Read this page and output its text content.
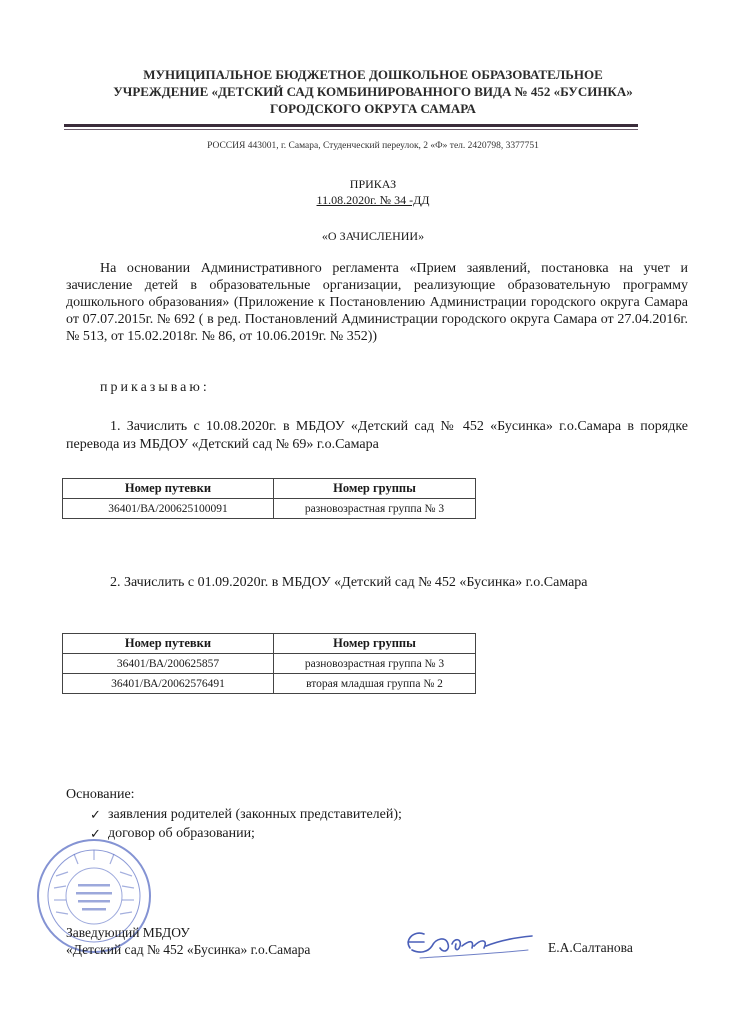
МУНИЦИПАЛЬНОЕ БЮДЖЕТНОЕ ДОШКОЛЬНОЕ ОБРАЗОВАТЕЛЬНОЕ
УЧРЕЖДЕНИЕ «ДЕТСКИЙ САД КОМБИНИРОВАННОГО ВИДА № 452 «БУСИНКА»
ГОРОДСКОГО ОКРУГА САМАРА
РОССИЯ 443001, г. Самара, Студенческий переулок, 2 «Ф» тел. 2420798, 3377751
ПРИКАЗ
11.08.2020г. № 34 -ДД
«О ЗАЧИСЛЕНИИ»
На основании Административного регламента «Прием заявлений, постановка на учет и зачисление детей в образовательные организации, реализующие образовательную программу дошкольного образования» (Приложение к Постановлению Администрации городского округа Самара от 07.07.2015г. № 692 ( в ред. Постановлений Администрации городского округа Самара от 27.04.2016г. № 513, от 15.02.2018г. № 86, от 10.06.2019г. № 352))
приказываю:
1. Зачислить с 10.08.2020г. в МБДОУ «Детский сад № 452 «Бусинка» г.о.Самара в порядке перевода из МБДОУ «Детский сад № 69» г.о.Самара
Номер путевки	Номер группы
36401/ВА/200625100091	разновозрастная группа № 3
2. Зачислить с 01.09.2020г. в МБДОУ «Детский сад № 452 «Бусинка» г.о.Самара
Номер путевки	Номер группы
36401/ВА/200625857	разновозрастная группа № 3
36401/ВА/20062576491	вторая младшая группа № 2
Основание:
✓ заявления родителей (законных представителей);
✓ договор об образовании;
Заведующий МБДОУ
«Детский сад № 452 «Бусинка» г.о.Самара	Е.А.Салтанова
